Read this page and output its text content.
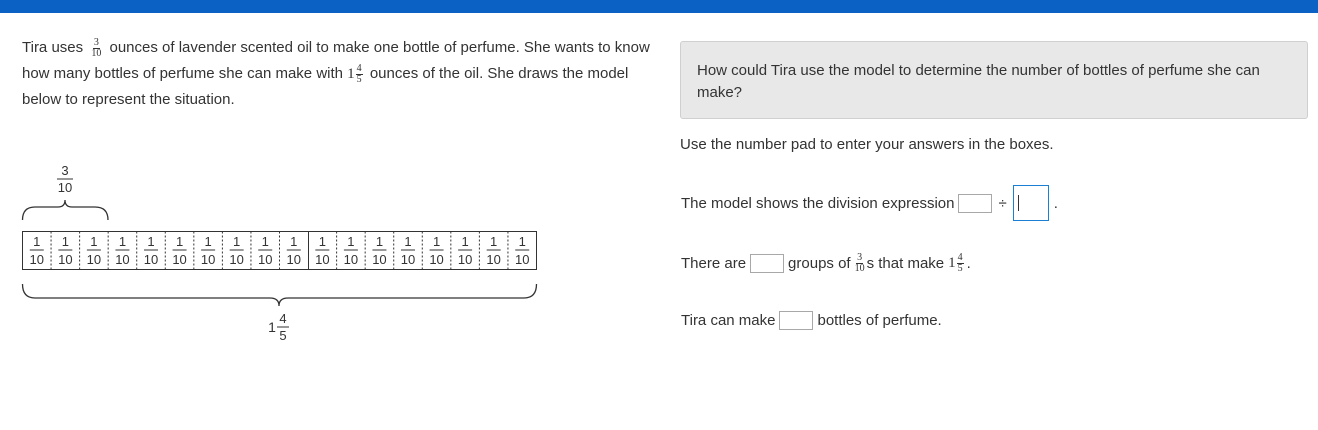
Tira uses $\frac{3}{10}$ ounces of lavender scented oil to make one bottle of perfume. She wants to know how many bottles of perfume she can make with $1 \frac{4}{5}$ ounces of the oil. She draws the model below to represent the situation.
3
10
1
10
1
10
1
10
1
10
1
10
1
10
1
10
1
10
1
10
1
10
1
10
1
10
1
10
1
10
1
10
1
10
1
10
1
10
1
4
5
How could Tira use the model to determine the number of bottles of perfume she can make?
Use the number pad to enter your answers in the boxes.
The model shows the division expression	÷	.
There are	groups of $\frac{3}{10}$ s that make $1 \frac{4}{5}$ .
Tira can make	bottles of perfume.
